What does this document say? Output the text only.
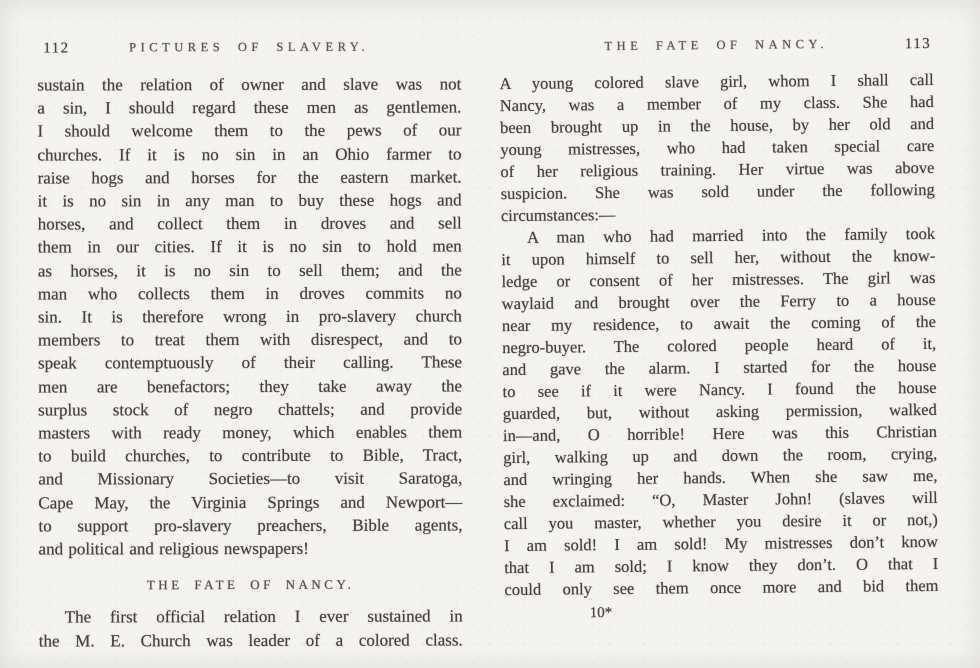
112	PICTURES OF SLAVERY.
sustain the relation of owner and slave was not
a sin, I should regard these men as gentlemen.
I should welcome them to the pews of our
churches. If it is no sin in an Ohio farmer to
raise hogs and horses for the eastern market.
it is no sin in any man to buy these hogs and
horses, and collect them in droves and sell
them in our cities. If it is no sin to hold men
as horses, it is no sin to sell them; and the
man who collects them in droves commits no
sin. It is therefore wrong in pro-slavery church
members to treat them with disrespect, and to
speak contemptuously of their calling. These
men are benefactors; they take away the
surplus stock of negro chattels; and provide
masters with ready money, which enables them
to build churches, to contribute to Bible, Tract,
and Missionary Societies—to visit Saratoga,
Cape May, the Virginia Springs and Newport—
to support pro-slavery preachers, Bible agents,
and political and religious newspapers!
THE FATE OF NANCY.
The first official relation I ever sustained in
the M. E. Church was leader of a colored class.
113
THE FATE OF NANCY.
A young colored slave girl, whom I shall call
Nancy, was a member of my class. She had
been brought up in the house, by her old and
young mistresses, who had taken special care
of her religious training. Her virtue was above
suspicion. She was sold under the following
circumstances:—
A man who had married into the family took
it upon himself to sell her, without the know-
ledge or consent of her mistresses. The girl was
waylaid and brought over the Ferry to a house
near my residence, to await the coming of the
negro-buyer. The colored people heard of it,
and gave the alarm. I started for the house
to see if it were Nancy. I found the house
guarded, but, without asking permission, walked
in—and, O horrible! Here was this Christian
girl, walking up and down the room, crying,
and wringing her hands. When she saw me,
she exclaimed: “O, Master John! (slaves will
call you master, whether you desire it or not,)
I am sold! I am sold! My mistresses don’t know
that I am sold; I know they don’t. O that I
could only see them once more and bid them
10*
